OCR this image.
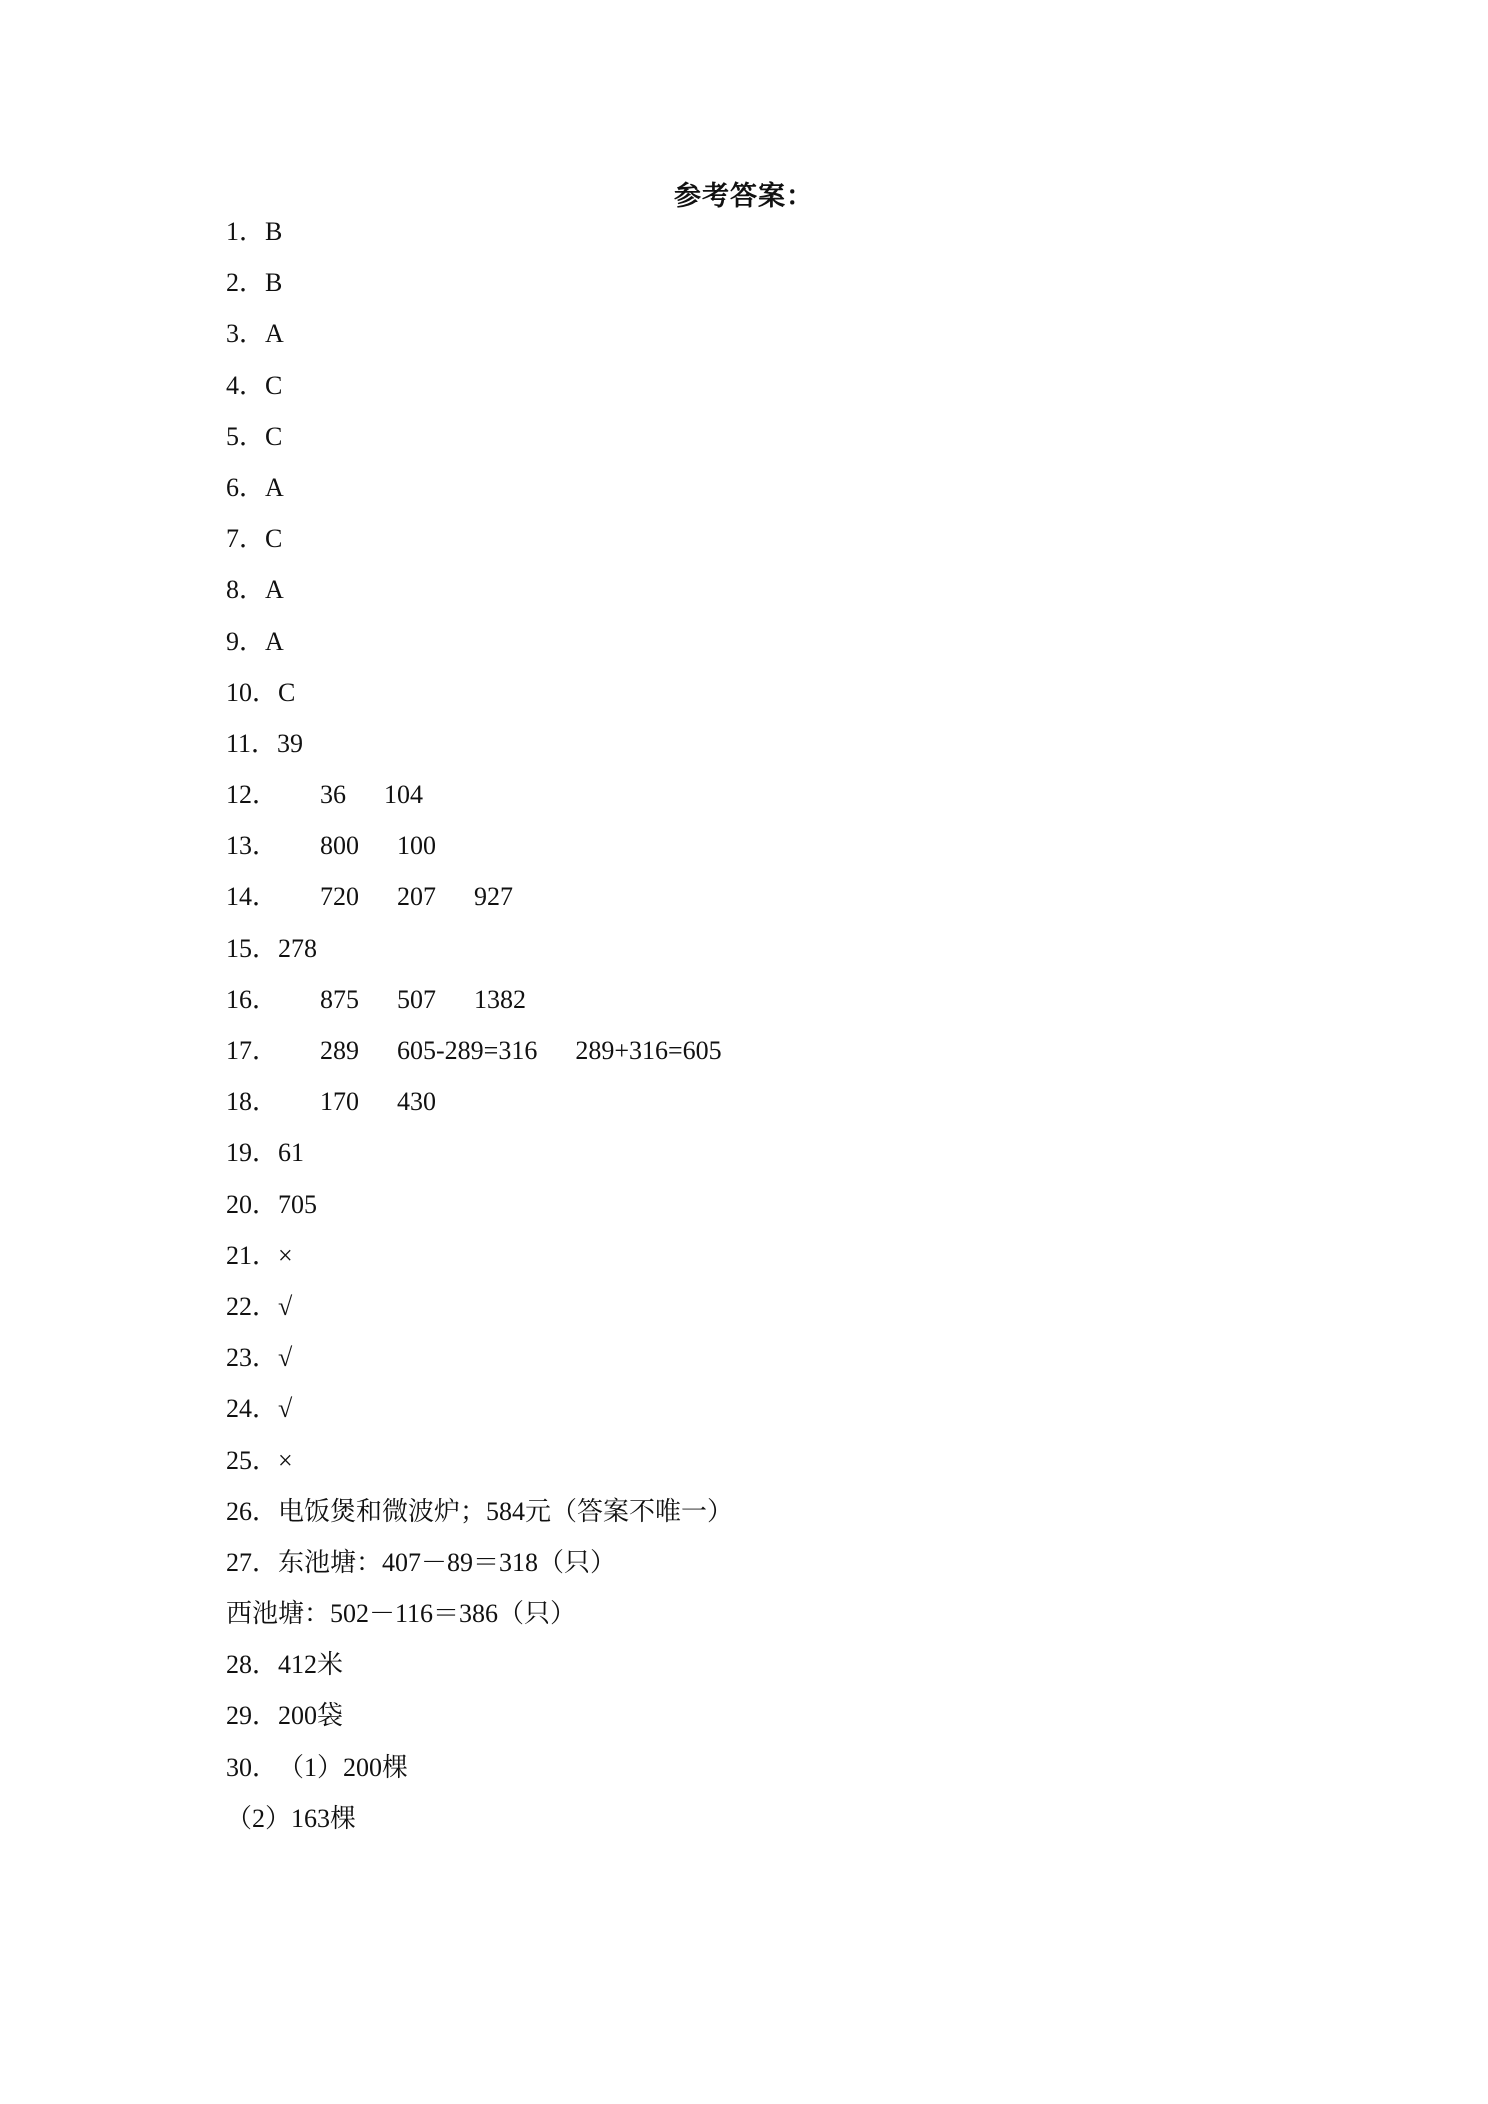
参考答案：
1．B
2．B
3．A
4．C
5．C
6．A
7．C
8．A
9．A
10．C
11．39
12． 36 104
13． 800 100
14． 720 207 927
15．278
16． 875 507 1382
17． 289 605-289=316 289+316=605
18． 170 430
19．61
20．705
21．×
22．√
23．√
24．√
25．×
26．电饭煲和微波炉；584元（答案不唯一）
27．东池塘：407－89＝318（只）
西池塘：502－116＝386（只）
28．412米
29．200袋
30．（1）200棵
（2）163棵
